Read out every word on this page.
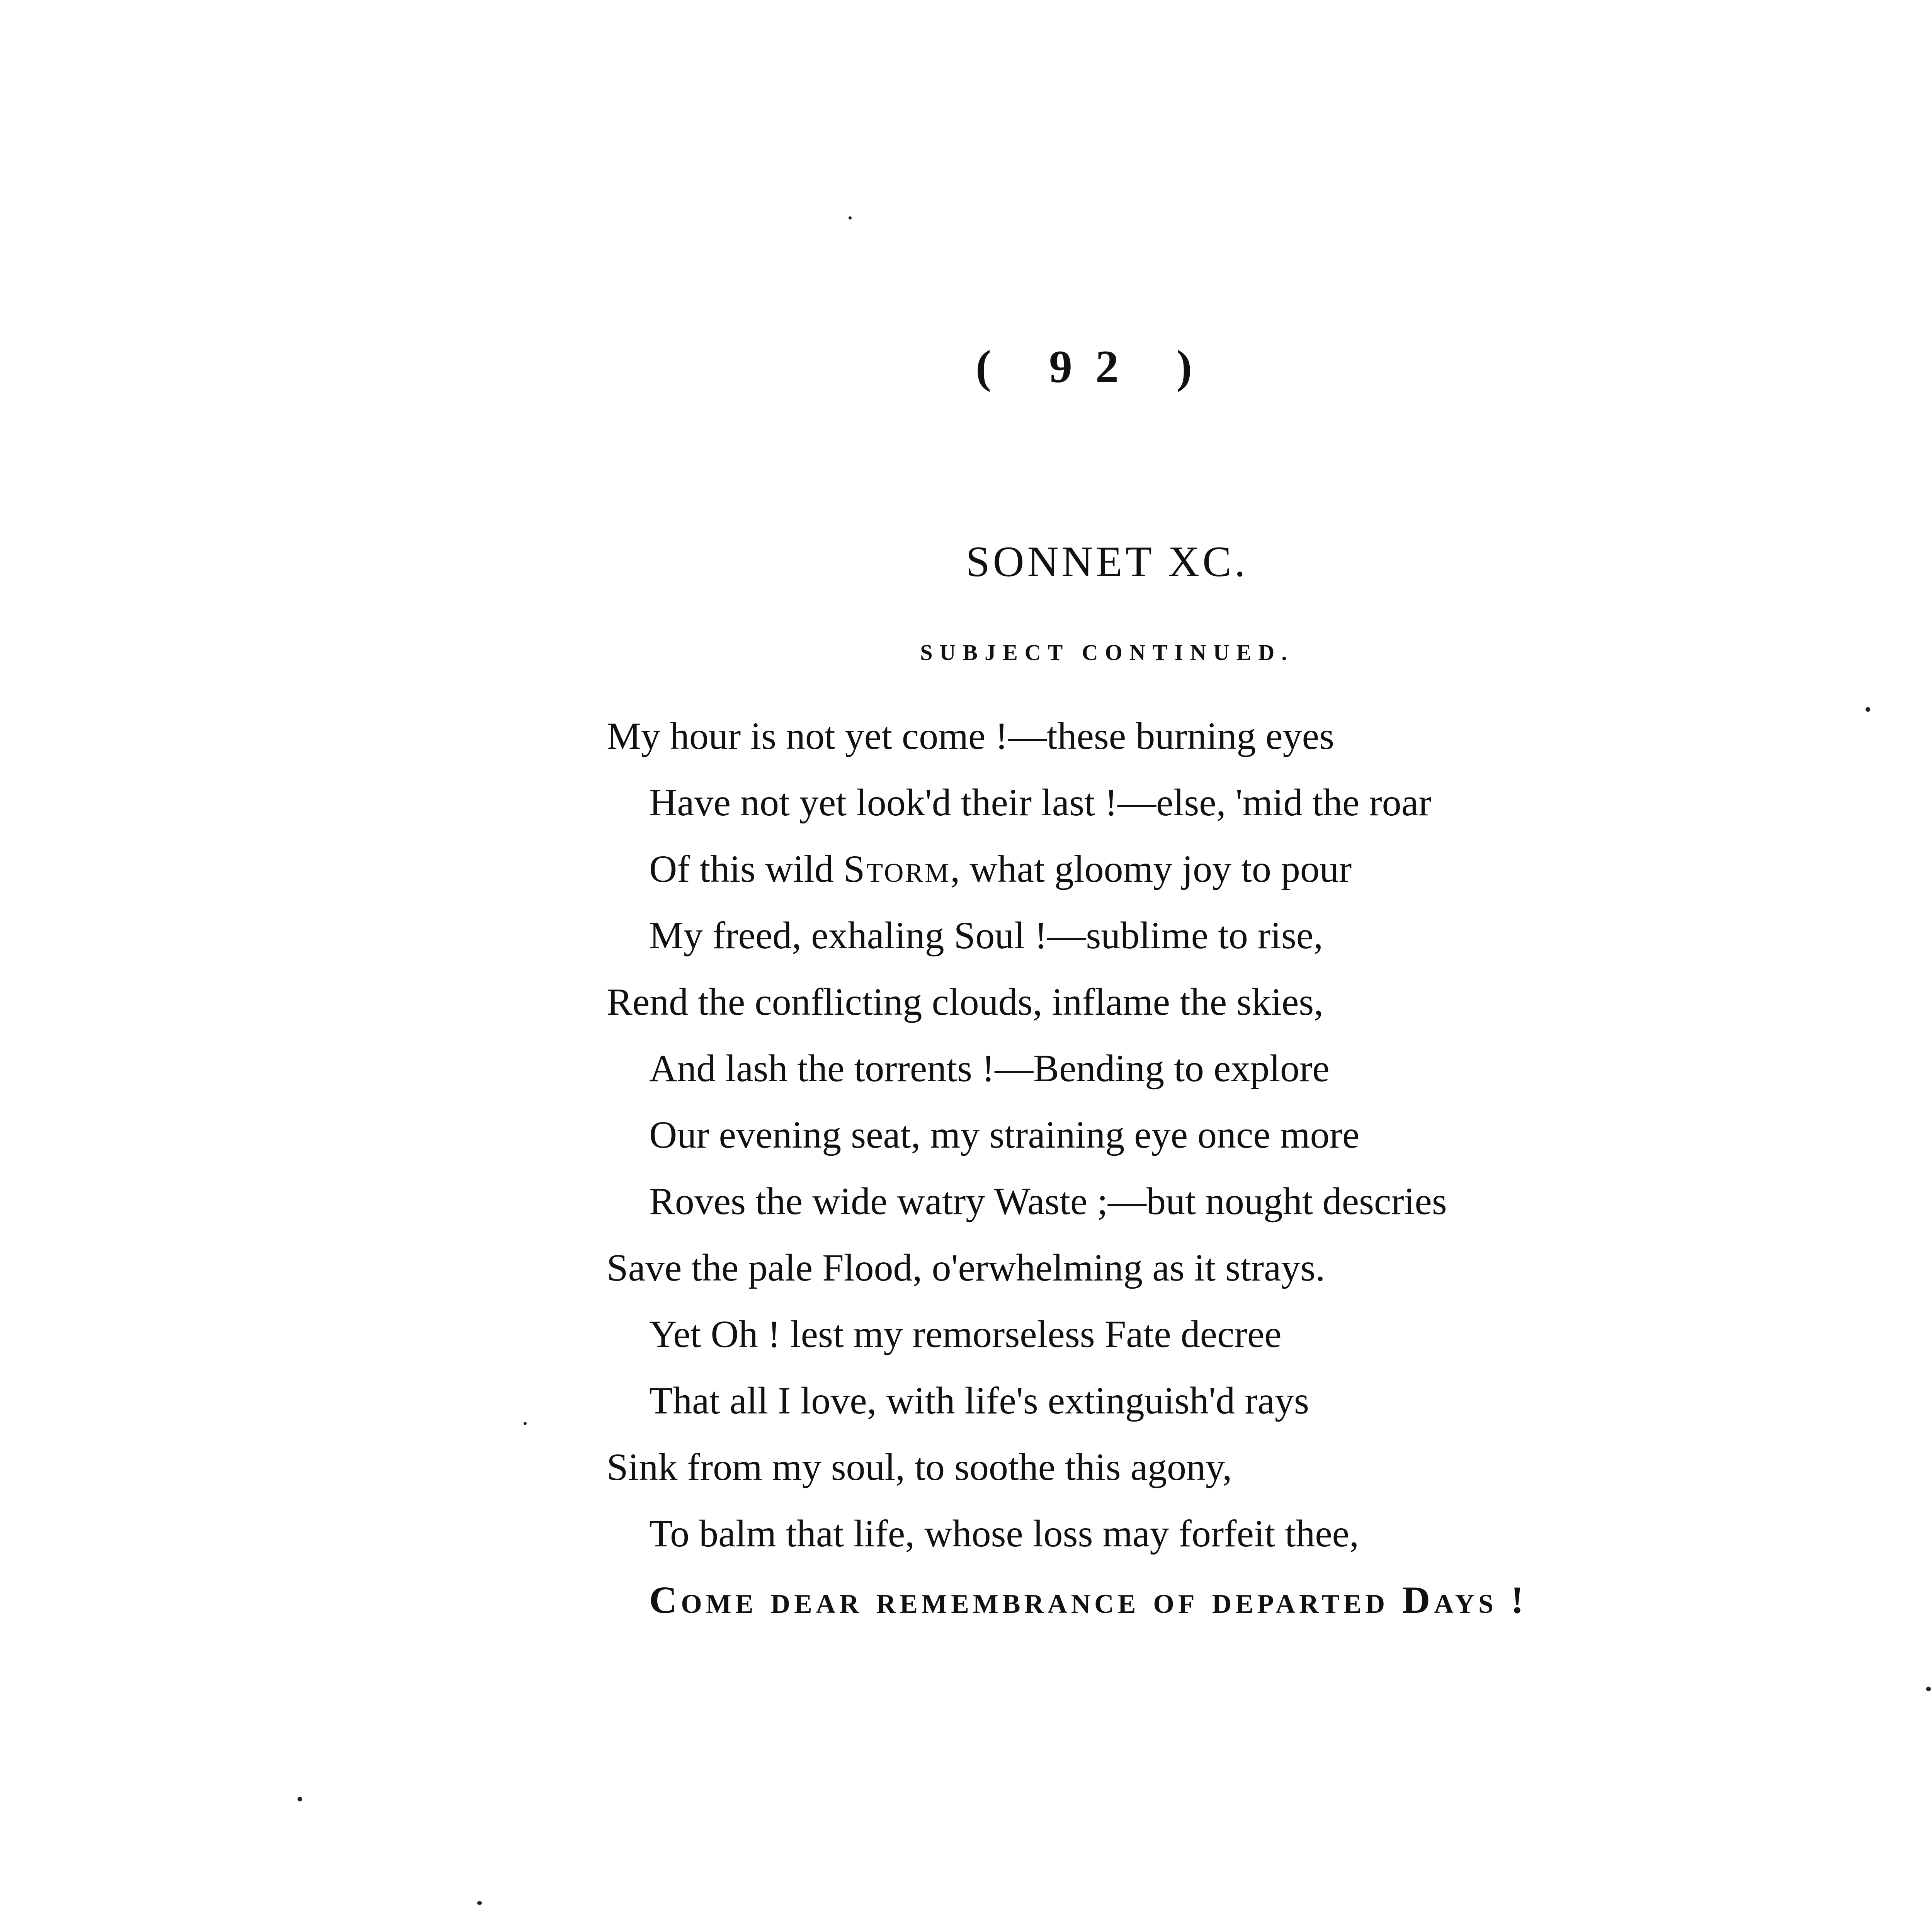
( 92 )
SONNET XC.
SUBJECT CONTINUED.
My hour is not yet come !—these burning eyes
Have not yet look'd their last !—else, 'mid the roar
Of this wild Storm, what gloomy joy to pour
My freed, exhaling Soul !—sublime to rise,
Rend the conflicting clouds, inflame the skies,
And lash the torrents !—Bending to explore
Our evening seat, my straining eye once more
Roves the wide watry Waste ;—but nought descries
Save the pale Flood, o'erwhelming as it strays.
Yet Oh ! lest my remorseless Fate decree
That all I love, with life's extinguish'd rays
Sink from my soul, to soothe this agony,
To balm that life, whose loss may forfeit thee,
Come dear remembrance of departed Days !
